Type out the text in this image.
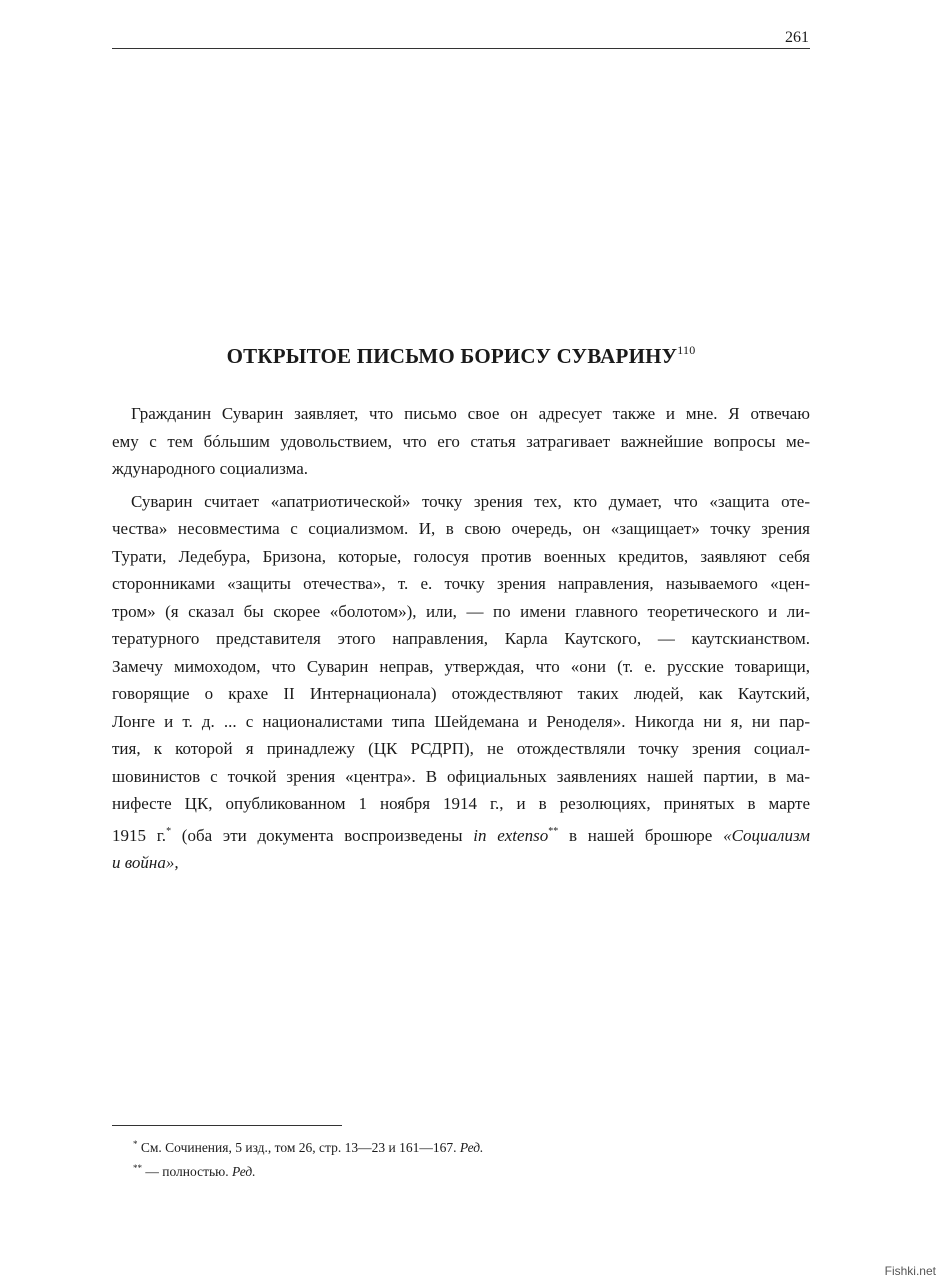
261
ОТКРЫТОЕ ПИСЬМО БОРИСУ СУВАРИНУ$^{110}$
Гражданин Суварин заявляет, что письмо свое он адресует также и мне. Я отвечаю
ему с тем бóльшим удовольствием, что его статья затрагивает важнейшие вопросы ме-
ждународного социализма.
Суварин считает «апатриотической» точку зрения тех, кто думает, что «защита оте-
чества» несовместима с социализмом. И, в свою очередь, он «защищает» точку зрения
Турати, Ледебура, Бризона, которые, голосуя против военных кредитов, заявляют себя
сторонниками «защиты отечества», т. е. точку зрения направления, называемого «цен-
тром» (я сказал бы скорее «болотом»), или, — по имени главного теоретического и ли-
тературного представителя этого направления, Карла Каутского, — каутскианством.
Замечу мимоходом, что Суварин неправ, утверждая, что «они (т. е. русские товарищи,
говорящие о крахе II Интернационала) отождествляют таких людей, как Каутский,
Лонге и т. д. ... с националистами типа Шейдемана и Ренодeля». Никогда ни я, ни пар-
тия, к которой я принадлежу (ЦК РСДРП), не отождествляли точку зрения социал-
шовинистов с точкой зрения «центра». В официальных заявлениях нашей партии, в ма-
нифесте ЦК, опубликованном 1 ноября 1914 г., и в резолюциях, принятых в марте
1915 г.* (оба эти документа воспроизведены in extenso** в нашей брошюре «Социализм
и война»,
* См. Сочинения, 5 изд., том 26, стр. 13—23 и 161—167. Ред.
** — полностью. Ред.
Fishki.net
